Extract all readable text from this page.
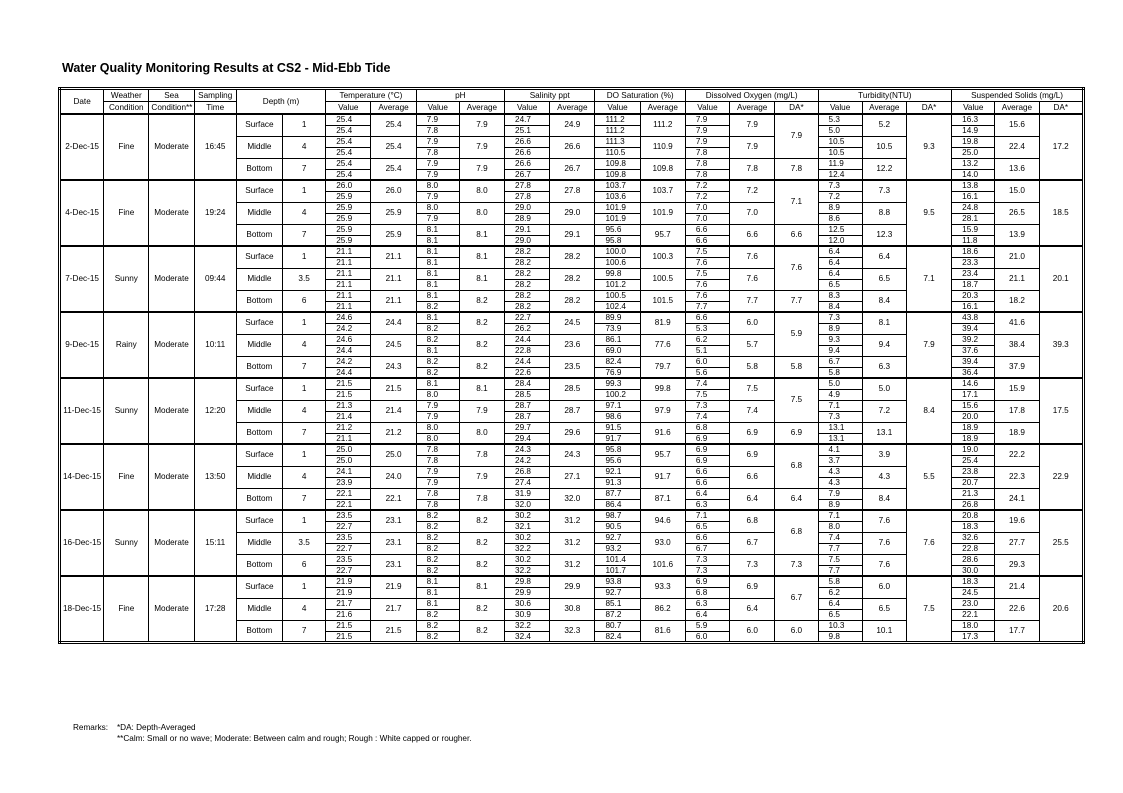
Water Quality Monitoring Results at CS2 - Mid-Ebb Tide
Date	Weather	Sea	Sampling	Depth (m)		Temperature (°C)		pH		Salinity ppt		DO Saturation (%)		Dissolved Oxygen (mg/L)			Turbidity(NTU)			Suspended Solids (mg/L)		
	Condition	Condition**	Time			Value	Average	Value	Average	Value	Average	Value	Average	Value	Average	DA*	Value	Average	DA*	Value	Average	DA*
2-Dec-15	Fine	Moderate	16:45	Surface	1	25.4	25.4	7.9	7.9	24.7	24.9	111.2	111.2	7.9	7.9	7.9	5.3	5.2	9.3	16.3	15.6	17.2
						25.4		7.8		25.1		111.2		7.9			5.0			14.9		
				Middle	4	25.4	25.4	7.9	7.9	26.6	26.6	111.3	110.9	7.9	7.9		10.5	10.5		19.8	22.4	
						25.4		7.8		26.6		110.5		7.8			10.5			25.0		
				Bottom	7	25.4	25.4	7.9	7.9	26.6	26.7	109.8	109.8	7.8	7.8	7.8	11.9	12.2		13.2	13.6	
						25.4		7.9		26.7		109.8		7.8			12.4			14.0		
4-Dec-15	Fine	Moderate	19:24	Surface	1	26.0	26.0	8.0	8.0	27.8	27.8	103.7	103.7	7.2	7.2	7.1	7.3	7.3	9.5	13.8	15.0	18.5
						25.9		7.9		27.8		103.6		7.2			7.2			16.1		
				Middle	4	25.9	25.9	8.0	8.0	29.0	29.0	101.9	101.9	7.0	7.0		8.9	8.8		24.8	26.5	
						25.9		7.9		28.9		101.9		7.0			8.6			28.1		
				Bottom	7	25.9	25.9	8.1	8.1	29.1	29.1	95.6	95.7	6.6	6.6	6.6	12.5	12.3		15.9	13.9	
						25.9		8.1		29.0		95.8		6.6			12.0			11.8		
7-Dec-15	Sunny	Moderate	09:44	Surface	1	21.1	21.1	8.1	8.1	28.2	28.2	100.0	100.3	7.5	7.6	7.6	6.4	6.4	7.1	18.6	21.0	20.1
						21.1		8.1		28.2		100.6		7.6			6.4			23.3		
				Middle	3.5	21.1	21.1	8.1	8.1	28.2	28.2	99.8	100.5	7.5	7.6		6.4	6.5		23.4	21.1	
						21.1		8.1		28.2		101.2		7.6			6.5			18.7		
				Bottom	6	21.1	21.1	8.1	8.2	28.2	28.2	100.5	101.5	7.6	7.7	7.7	8.3	8.4		20.3	18.2	
						21.1		8.2		28.2		102.4		7.7			8.4			16.1		
9-Dec-15	Rainy	Moderate	10:11	Surface	1	24.6	24.4	8.1	8.2	22.7	24.5	89.9	81.9	6.6	6.0	5.9	7.3	8.1	7.9	43.8	41.6	39.3
						24.2		8.2		26.2		73.9		5.3			8.9			39.4		
				Middle	4	24.6	24.5	8.2	8.2	24.4	23.6	86.1	77.6	6.2	5.7		9.3	9.4		39.2	38.4	
						24.4		8.1		22.8		69.0		5.1			9.4			37.6		
				Bottom	7	24.2	24.3	8.2	8.2	24.4	23.5	82.4	79.7	6.0	5.8	5.8	6.7	6.3		39.4	37.9	
						24.4		8.2		22.6		76.9		5.6			5.8			36.4		
11-Dec-15	Sunny	Moderate	12:20	Surface	1	21.5	21.5	8.1	8.1	28.4	28.5	99.3	99.8	7.4	7.5	7.5	5.0	5.0	8.4	14.6	15.9	17.5
						21.5		8.0		28.5		100.2		7.5			4.9			17.1		
				Middle	4	21.3	21.4	7.9	7.9	28.7	28.7	97.1	97.9	7.3	7.4		7.1	7.2		15.6	17.8	
						21.4		7.9		28.7		98.6		7.4			7.3			20.0		
				Bottom	7	21.2	21.2	8.0	8.0	29.7	29.6	91.5	91.6	6.8	6.9	6.9	13.1	13.1		18.9	18.9	
						21.1		8.0		29.4		91.7		6.9			13.1			18.9		
14-Dec-15	Fine	Moderate	13:50	Surface	1	25.0	25.0	7.8	7.8	24.3	24.3	95.8	95.7	6.9	6.9	6.8	4.1	3.9	5.5	19.0	22.2	22.9
						25.0		7.8		24.2		95.6		6.9			3.7			25.4		
				Middle	4	24.1	24.0	7.9	7.9	26.8	27.1	92.1	91.7	6.6	6.6		4.3	4.3		23.8	22.3	
						23.9		7.9		27.4		91.3		6.6			4.3			20.7		
				Bottom	7	22.1	22.1	7.8	7.8	31.9	32.0	87.7	87.1	6.4	6.4	6.4	7.9	8.4		21.3	24.1	
						22.1		7.8		32.0		86.4		6.3			8.9			26.8		
16-Dec-15	Sunny	Moderate	15:11	Surface	1	23.5	23.1	8.2	8.2	30.2	31.2	98.7	94.6	7.1	6.8	6.8	7.1	7.6	7.6	20.8	19.6	25.5
						22.7		8.2		32.1		90.5		6.5			8.0			18.3		
				Middle	3.5	23.5	23.1	8.2	8.2	30.2	31.2	92.7	93.0	6.6	6.7		7.4	7.6		32.6	27.7	
						22.7		8.2		32.2		93.2		6.7			7.7			22.8		
				Bottom	6	23.5	23.1	8.2	8.2	30.2	31.2	101.4	101.6	7.3	7.3	7.3	7.5	7.6		28.6	29.3	
						22.7		8.2		32.2		101.7		7.3			7.7			30.0		
18-Dec-15	Fine	Moderate	17:28	Surface	1	21.9	21.9	8.1	8.1	29.8	29.9	93.8	93.3	6.9	6.9	6.7	5.8	6.0	7.5	18.3	21.4	20.6
						21.9		8.1		29.9		92.7		6.8			6.2			24.5		
				Middle	4	21.7	21.7	8.1	8.2	30.6	30.8	85.1	86.2	6.3	6.4		6.4	6.5		23.0	22.6	
						21.6		8.2		30.9		87.2		6.4			6.5			22.1		
				Bottom	7	21.5	21.5	8.2	8.2	32.2	32.3	80.7	81.6	5.9	6.0	6.0	10.3	10.1		18.0	17.7	
						21.5		8.2		32.4		82.4		6.0			9.8			17.3		
Remarks:	*DA: Depth-Averaged
**Calm: Small or no wave; Moderate: Between calm and rough; Rough : White capped or rougher.
